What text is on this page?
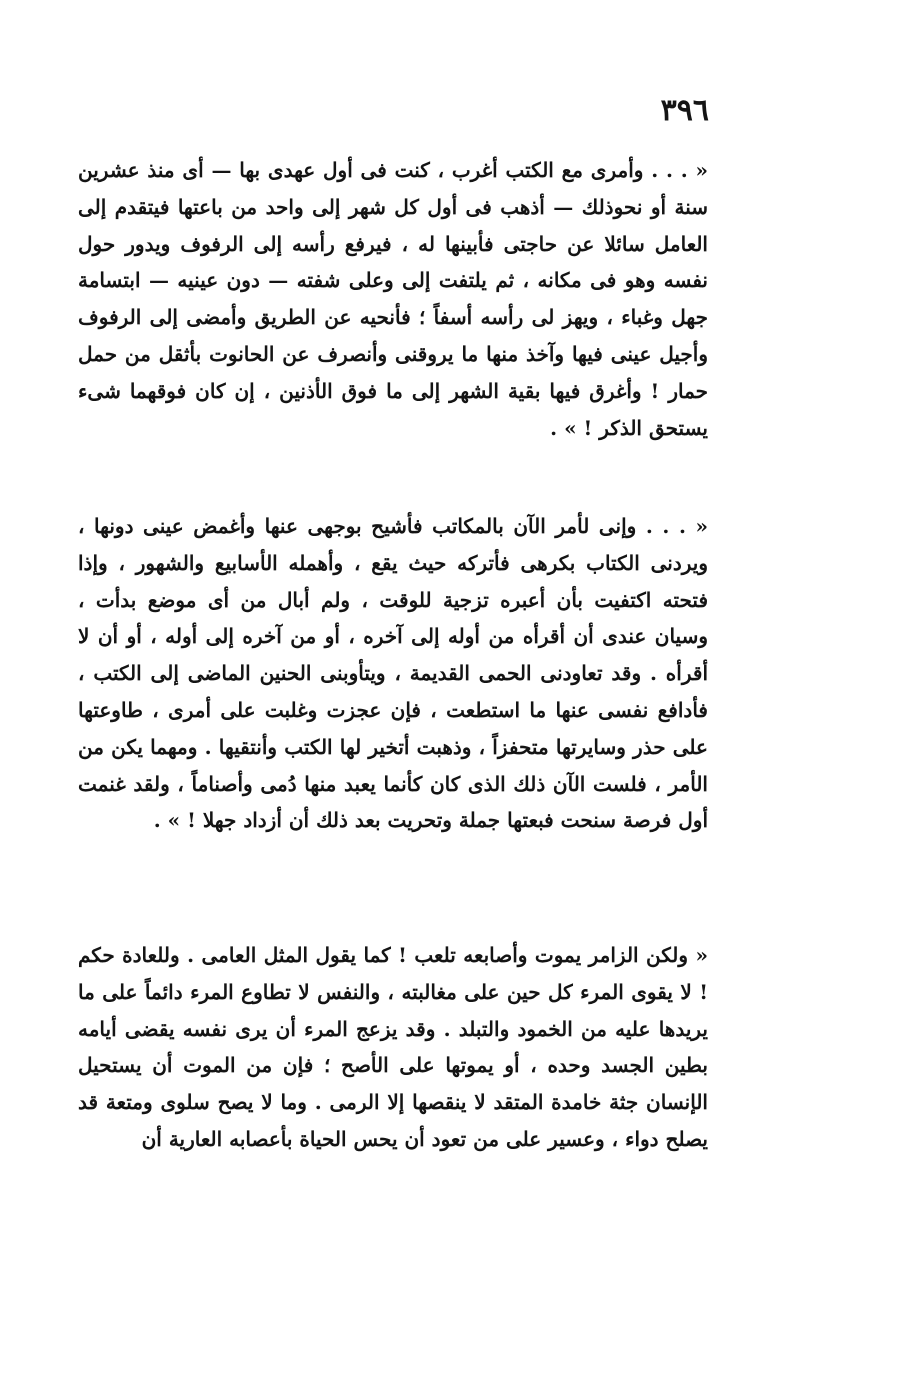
٣٩٦

« . . . وأمرى مع الكتب أغرب ، كنت فى أول عهدى بها — أى منذ عشرين سنة أو نحوذلك — أذهب فى أول كل شهر إلى واحد من باعتها فيتقدم إلى العامل سائلا عن حاجتى فأبينها له ، فيرفع رأسه إلى الرفوف ويدور حول نفسه وهو فى مكانه ، ثم يلتفت إلى وعلى شفته — دون عينيه — ابتسامة جهل وغباء ، ويهز لى رأسه أسفاً ؛ فأنحيه عن الطريق وأمضى إلى الرفوف وأجيل عينى فيها وآخذ منها ما يروقنى وأنصرف عن الحانوت بأثقل من حمل حمار ! وأغرق فيها بقية الشهر إلى ما فوق الأذنين ، إن كان فوقهما شىء يستحق الذكر ! » .

« . . . وإنى لأمر الآن بالمكاتب فأشيح بوجهى عنها وأغمض عينى دونها ، ويردنى الكتاب بكرهى فأتركه حيث يقع ، وأهمله الأسابيع والشهور ، وإذا فتحته اكتفيت بأن أعبره تزجية للوقت ، ولم أبال من أى موضع بدأت ، وسيان عندى أن أقرأه من أوله إلى آخره ، أو من آخره إلى أوله ، أو أن لا أقرأه . وقد تعاودنى الحمى القديمة ، ويتأوبنى الحنين الماضى إلى الكتب ، فأدافع نفسى عنها ما استطعت ، فإن عجزت وغلبت على أمرى ، طاوعتها على حذر وسايرتها متحفزاً ، وذهبت أتخير لها الكتب وأنتقيها . ومهما يكن من الأمر ، فلست الآن ذلك الذى كان كأنما يعبد منها دُمى وأصناماً ، ولقد غنمت أول فرصة سنحت فبعتها جملة وتحريت بعد ذلك أن أزداد جهلا ! » .

« ولكن الزامر يموت وأصابعه تلعب ! كما يقول المثل العامى . وللعادة حكم ! لا يقوى المرء كل حين على مغالبته ، والنفس لا تطاوع المرء دائماً على ما يريدها عليه من الخمود والتبلد . وقد يزعج المرء أن يرى نفسه يقضى أيامه بطين الجسد وحده ، أو يموتها على الأصح ؛ فإن من الموت أن يستحيل الإنسان جثة خامدة المتقد لا ينقصها إلا الرمى . وما لا يصح سلوى ومتعة قد يصلح دواء ، وعسير على من تعود أن يحس الحياة بأعصابه العارية أن
